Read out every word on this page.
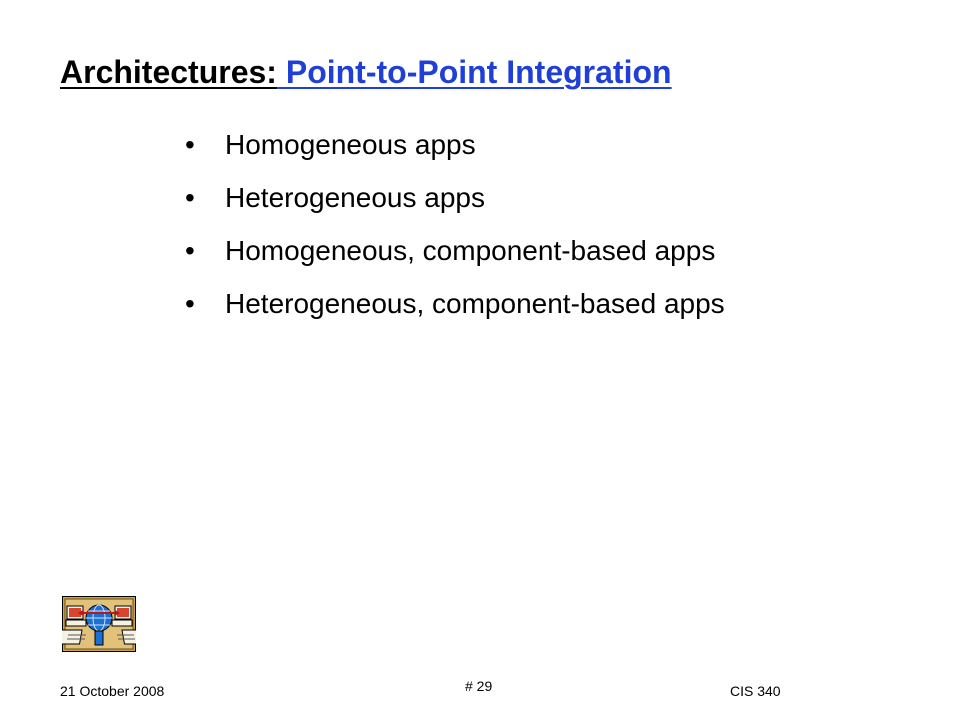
Architectures: Point-to-Point Integration
•	Homogeneous apps
•	Heterogeneous apps
•	Homogeneous, component-based apps
•	Heterogeneous, component-based apps
21 October 2008	# 29	CIS 340
